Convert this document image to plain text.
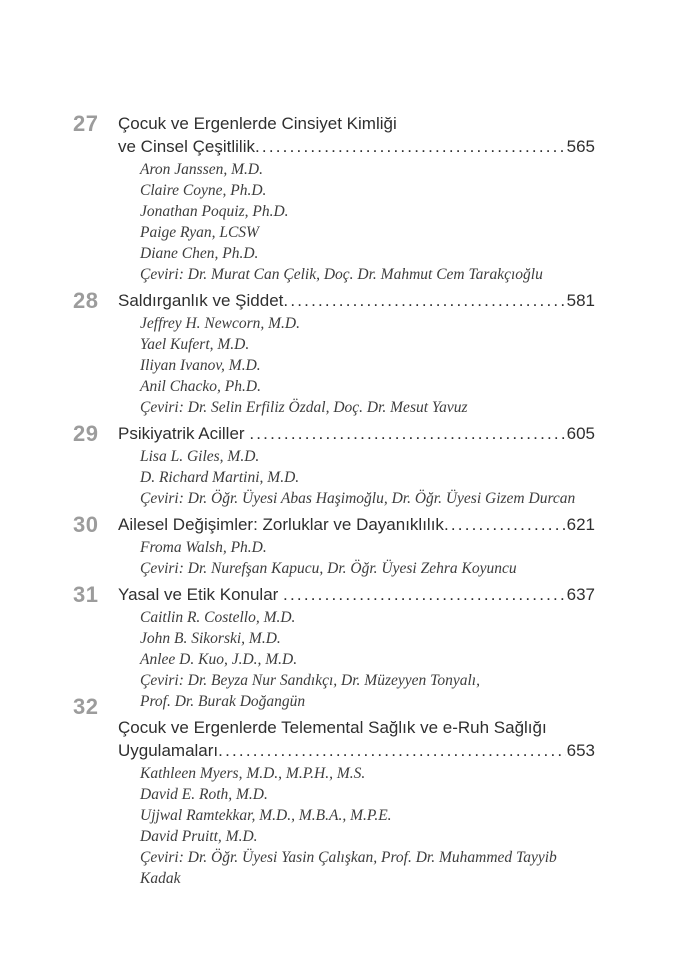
27	Çocuk ve Ergenlerde Cinsiyet Kimliği
ve Cinsel Çeşitlilik .....	565
Aron Janssen, M.D.
Claire Coyne, Ph.D.
Jonathan Poquiz, Ph.D.
Paige Ryan, LCSW
Diane Chen, Ph.D.
Çeviri: Dr. Murat Can Çelik, Doç. Dr. Mahmut Cem Tarakçıoğlu
28	Saldırganlık ve Şiddet .....	581
Jeffrey H. Newcorn, M.D.
Yael Kufert, M.D.
Iliyan Ivanov, M.D.
Anil Chacko, Ph.D.
Çeviri: Dr. Selin Erfiliz Özdal, Doç. Dr. Mesut Yavuz
29	Psikiyatrik Aciller .....	605
Lisa L. Giles, M.D.
D. Richard Martini, M.D.
Çeviri: Dr. Öğr. Üyesi Abas Haşimoğlu, Dr. Öğr. Üyesi Gizem Durcan
30	Ailesel Değişimler: Zorluklar ve Dayanıklılık .....	621
Froma Walsh, Ph.D.
Çeviri: Dr. Nurefşan Kapucu, Dr. Öğr. Üyesi Zehra Koyuncu
31	Yasal ve Etik Konular .....	637
Caitlin R. Costello, M.D.
John B. Sikorski, M.D.
Anlee D. Kuo, J.D., M.D.
Çeviri: Dr. Beyza Nur Sandıkçı, Dr. Müzeyyen Tonyalı,
Prof. Dr. Burak Doğangün
32
Çocuk ve Ergenlerde Telemental Sağlık ve e-Ruh Sağlığı
Uygulamaları .....	653
Kathleen Myers, M.D., M.P.H., M.S.
David E. Roth, M.D.
Ujjwal Ramtekkar, M.D., M.B.A., M.P.E.
David Pruitt, M.D.
Çeviri: Dr. Öğr. Üyesi Yasin Çalışkan, Prof. Dr. Muhammed Tayyib Kadak
